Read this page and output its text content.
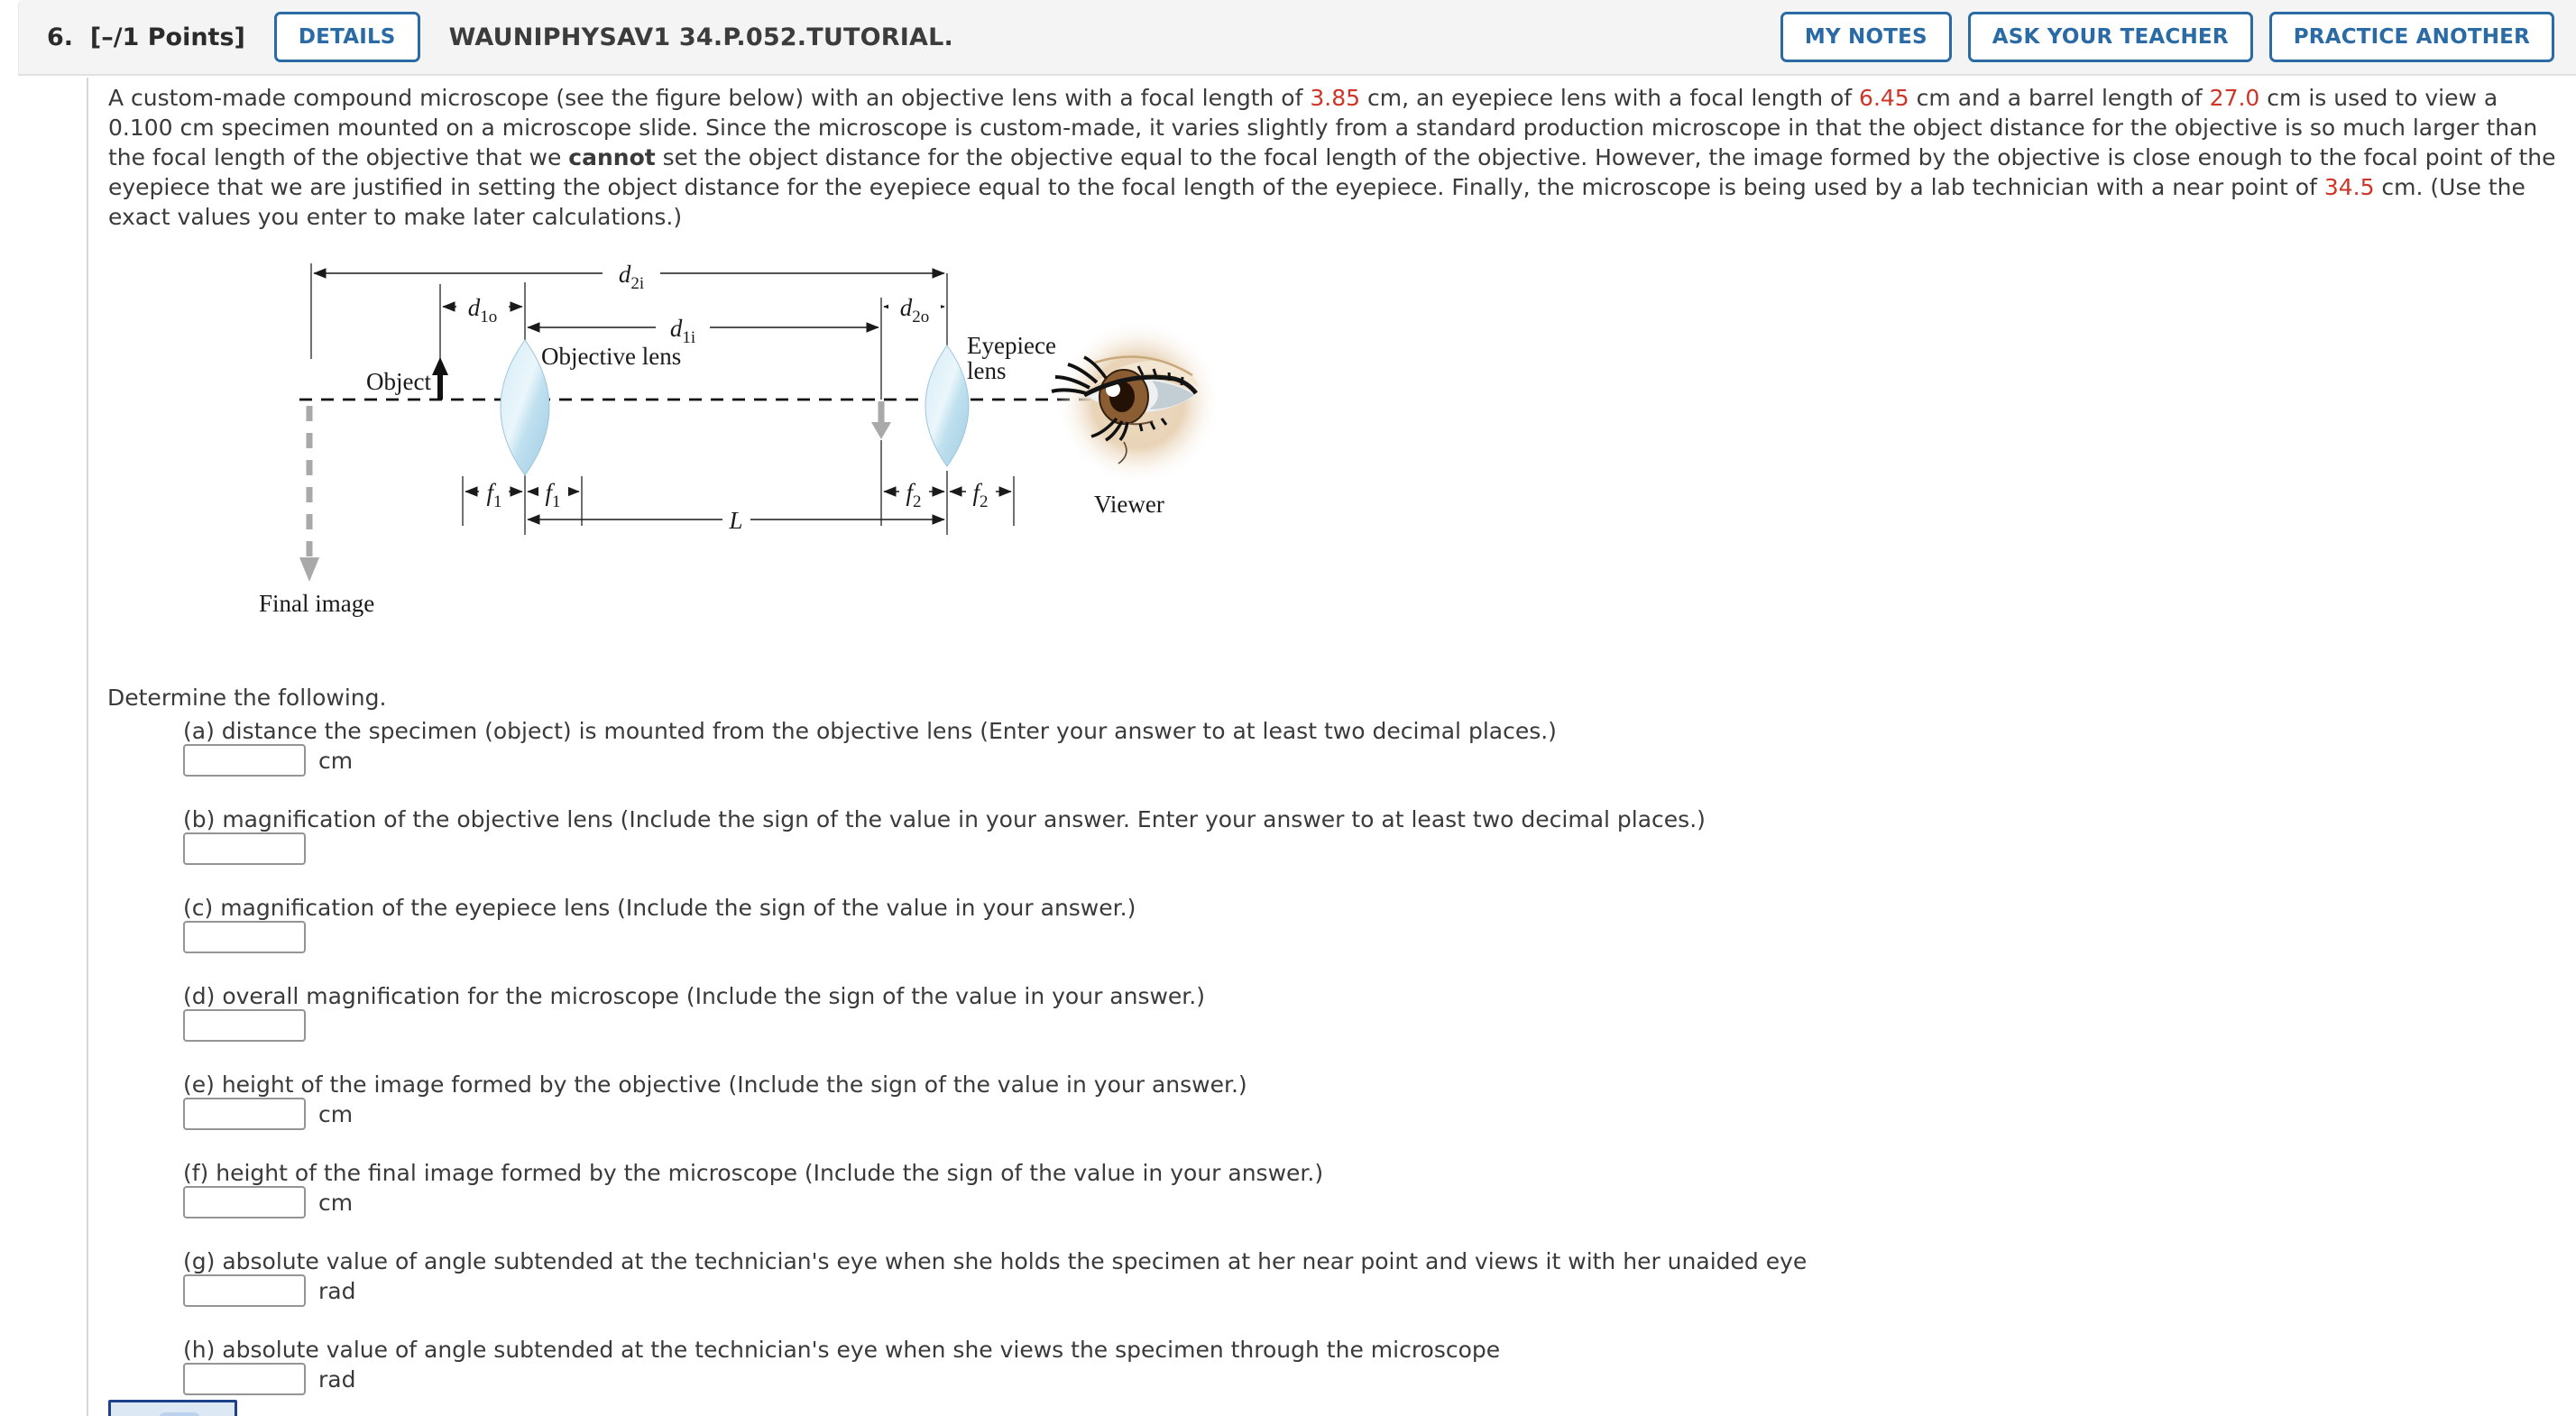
6. [–/1 Points]	DETAILS	WAUNIPHYSAV1 34.P.052.TUTORIAL.	MY NOTES	ASK YOUR TEACHER	PRACTICE ANOTHER
A custom-made compound microscope (see the figure below) with an objective lens with a focal length of 3.85 cm, an eyepiece lens with a focal length of 6.45 cm and a barrel length of 27.0 cm is used to view a 0.100 cm specimen mounted on a microscope slide. Since the microscope is custom-made, it varies slightly from a standard production microscope in that the object distance for the objective is so much larger than the focal length of the objective that we cannot set the object distance for the objective equal to the focal length of the objective. However, the image formed by the objective is close enough to the focal point of the eyepiece that we are justified in setting the object distance for the eyepiece equal to the focal length of the eyepiece. Finally, the microscope is being used by a lab technician with a near point of 34.5 cm. (Use the exact values you enter to make later calculations.)
$d_{2i}$
$d_{1o}$	$d_{1i}$
$d_{2o}$
$f_1$ $f_1$	$f_2$ $f_2$
L
Object
Objective lens	Eyepiece
lens
Viewer
Final image
Determine the following.
(a) distance the specimen (object) is mounted from the objective lens (Enter your answer to at least two decimal places.)
cm
(b) magnification of the objective lens (Include the sign of the value in your answer. Enter your answer to at least two decimal places.)
(c) magnification of the eyepiece lens (Include the sign of the value in your answer.)
(d) overall magnification for the microscope (Include the sign of the value in your answer.)
(e) height of the image formed by the objective (Include the sign of the value in your answer.)
cm
(f) height of the final image formed by the microscope (Include the sign of the value in your answer.)
cm
(g) absolute value of angle subtended at the technician's eye when she holds the specimen at her near point and views it with her unaided eye
rad
(h) absolute value of angle subtended at the technician's eye when she views the specimen through the microscope
rad
